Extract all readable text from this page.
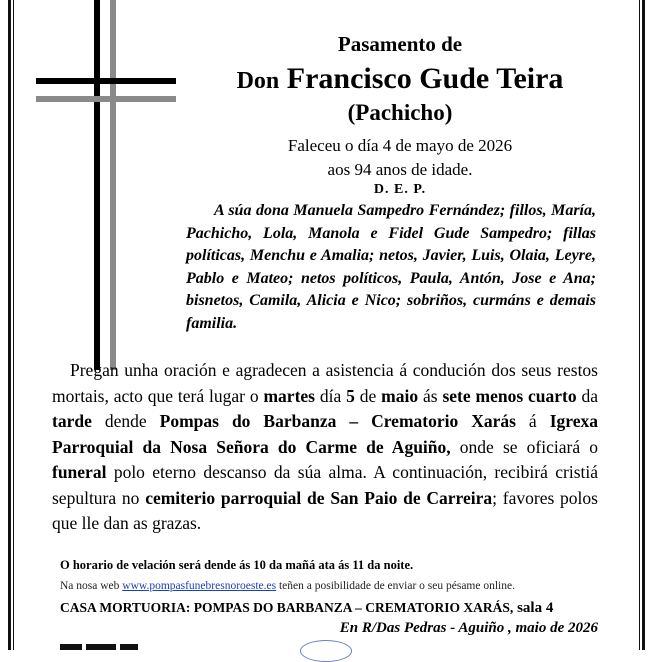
Pasamento de
Don Francisco Gude Teira
(Pachicho)
Faleceu o día 4 de mayo de 2026
aos 94 anos de idade.
D. E. P.
A súa dona Manuela Sampedro Fernández; fillos, María, Pachicho, Lola, Manola e Fidel Gude Sampedro; fillas políticas, Menchu e Amalia; netos, Javier, Luis, Olaia, Leyre, Pablo e Mateo; netos políticos, Paula, Antón, Jose e Ana; bisnetos, Camila, Alicia e Nico; sobriños, curmáns e demais familia.
Pregan unha oración e agradecen a asistencia á condución dos seus restos mortais, acto que terá lugar o martes día 5 de maio ás sete menos cuarto da tarde dende Pompas do Barbanza – Crematorio Xarás á Igrexa Parroquial da Nosa Señora do Carme de Aguiño, onde se oficiará o funeral polo eterno descanso da súa alma. A continuación, recibirá cristiá sepultura no cemiterio parroquial de San Paio de Carreira; favores polos que lle dan as grazas.
O horario de velación será dende ás 10 da mañá ata ás 11 da noite.
Na nosa web www.pompasfunebresnoroeste.es teñen a posibilidade de enviar o seu pésame online.
CASA MORTUORIA: POMPAS DO BARBANZA – CREMATORIO XARÁS, sala 4
En R/Das Pedras - Aguiño , maio de 2026
